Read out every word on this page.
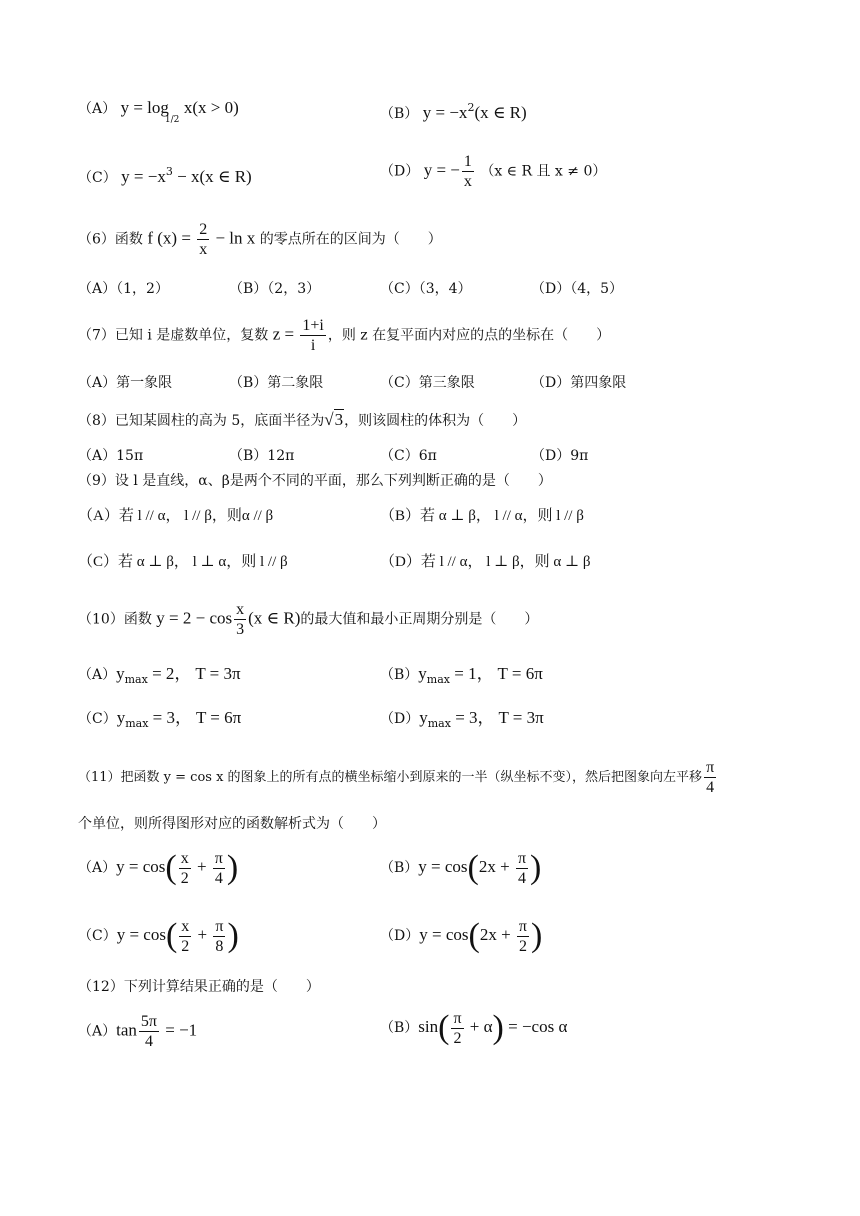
（A） $y = \log_{1/2} x(x > 0)$	（B） $y = -x^2(x$ ∈ R)
（C） $y = -x^3 - x(x$ ∈ R)	（D） y = − $\frac{1}{x} (x$ ∈ R 且 x ≠ 0）
（6）函数 f $(x) = \frac{2}{x} - \ln x$ 的零点所在的区间为（　　）
（A）（1，2）	（B）（2，3）	（C）（3，4）	（D）（4，5）
（7）已知 i 是虚数单位，复数 $z = \frac{1+i}{i}$ ，则 z 在复平面内对应的点的坐标在（　　）
（A）第一象限	（B）第二象限	（C）第三象限	（D）第四象限
（8）已知某圆柱的高为 5，底面半径为√3，则该圆柱的体积为（　　）
（A）15π	（B）12π	（C）6π	（D）9π
（9）设 l 是直线，α、β是两个不同的平面，那么下列判断正确的是（　　）
（A）若 l // α， l // β，则α // β	（B）若 α ⊥ β， l // α，则 l // β
（C）若 α ⊥ β， l ⊥ α，则 l // β	（D）若 l // α， l ⊥ β，则 α ⊥ β
（10）函数 $y = 2 - \cos \frac{x}{3} (x$ ∈ R)的最大值和最小正周期分别是（　　）
$(A)y_{max} = 2$， T = 3π	$(B)y_{max} = 1$， T = 6π
$(C)y_{max} = 3$， T = 6π	$(D)y_{max} = 3$， T = 3π
（11）把函数 y = cos x 的图象上的所有点的横坐标缩小到原来的一半（纵坐标不变），然后把图象向左平移 $\frac{\pi}{4}$
个单位，则所得图形对应的函数解析式为（　　）
$(A)y = \cos( \frac{x}{2} + \frac{\pi}{4}$ )	$(B)y = \cos(2x + \frac{\pi}{4}$ )
$(C)y = \cos( \frac{x}{2} + \frac{\pi}{8}$ )	$(D)y = \cos(2x + \frac{\pi}{2}$ )
（12）下列计算结果正确的是（　　）
$(A)\tan \frac{5\pi}{4} = -1$	$(B)\sin( \frac{\pi}{2} + \alpha) = -\cos$ α
